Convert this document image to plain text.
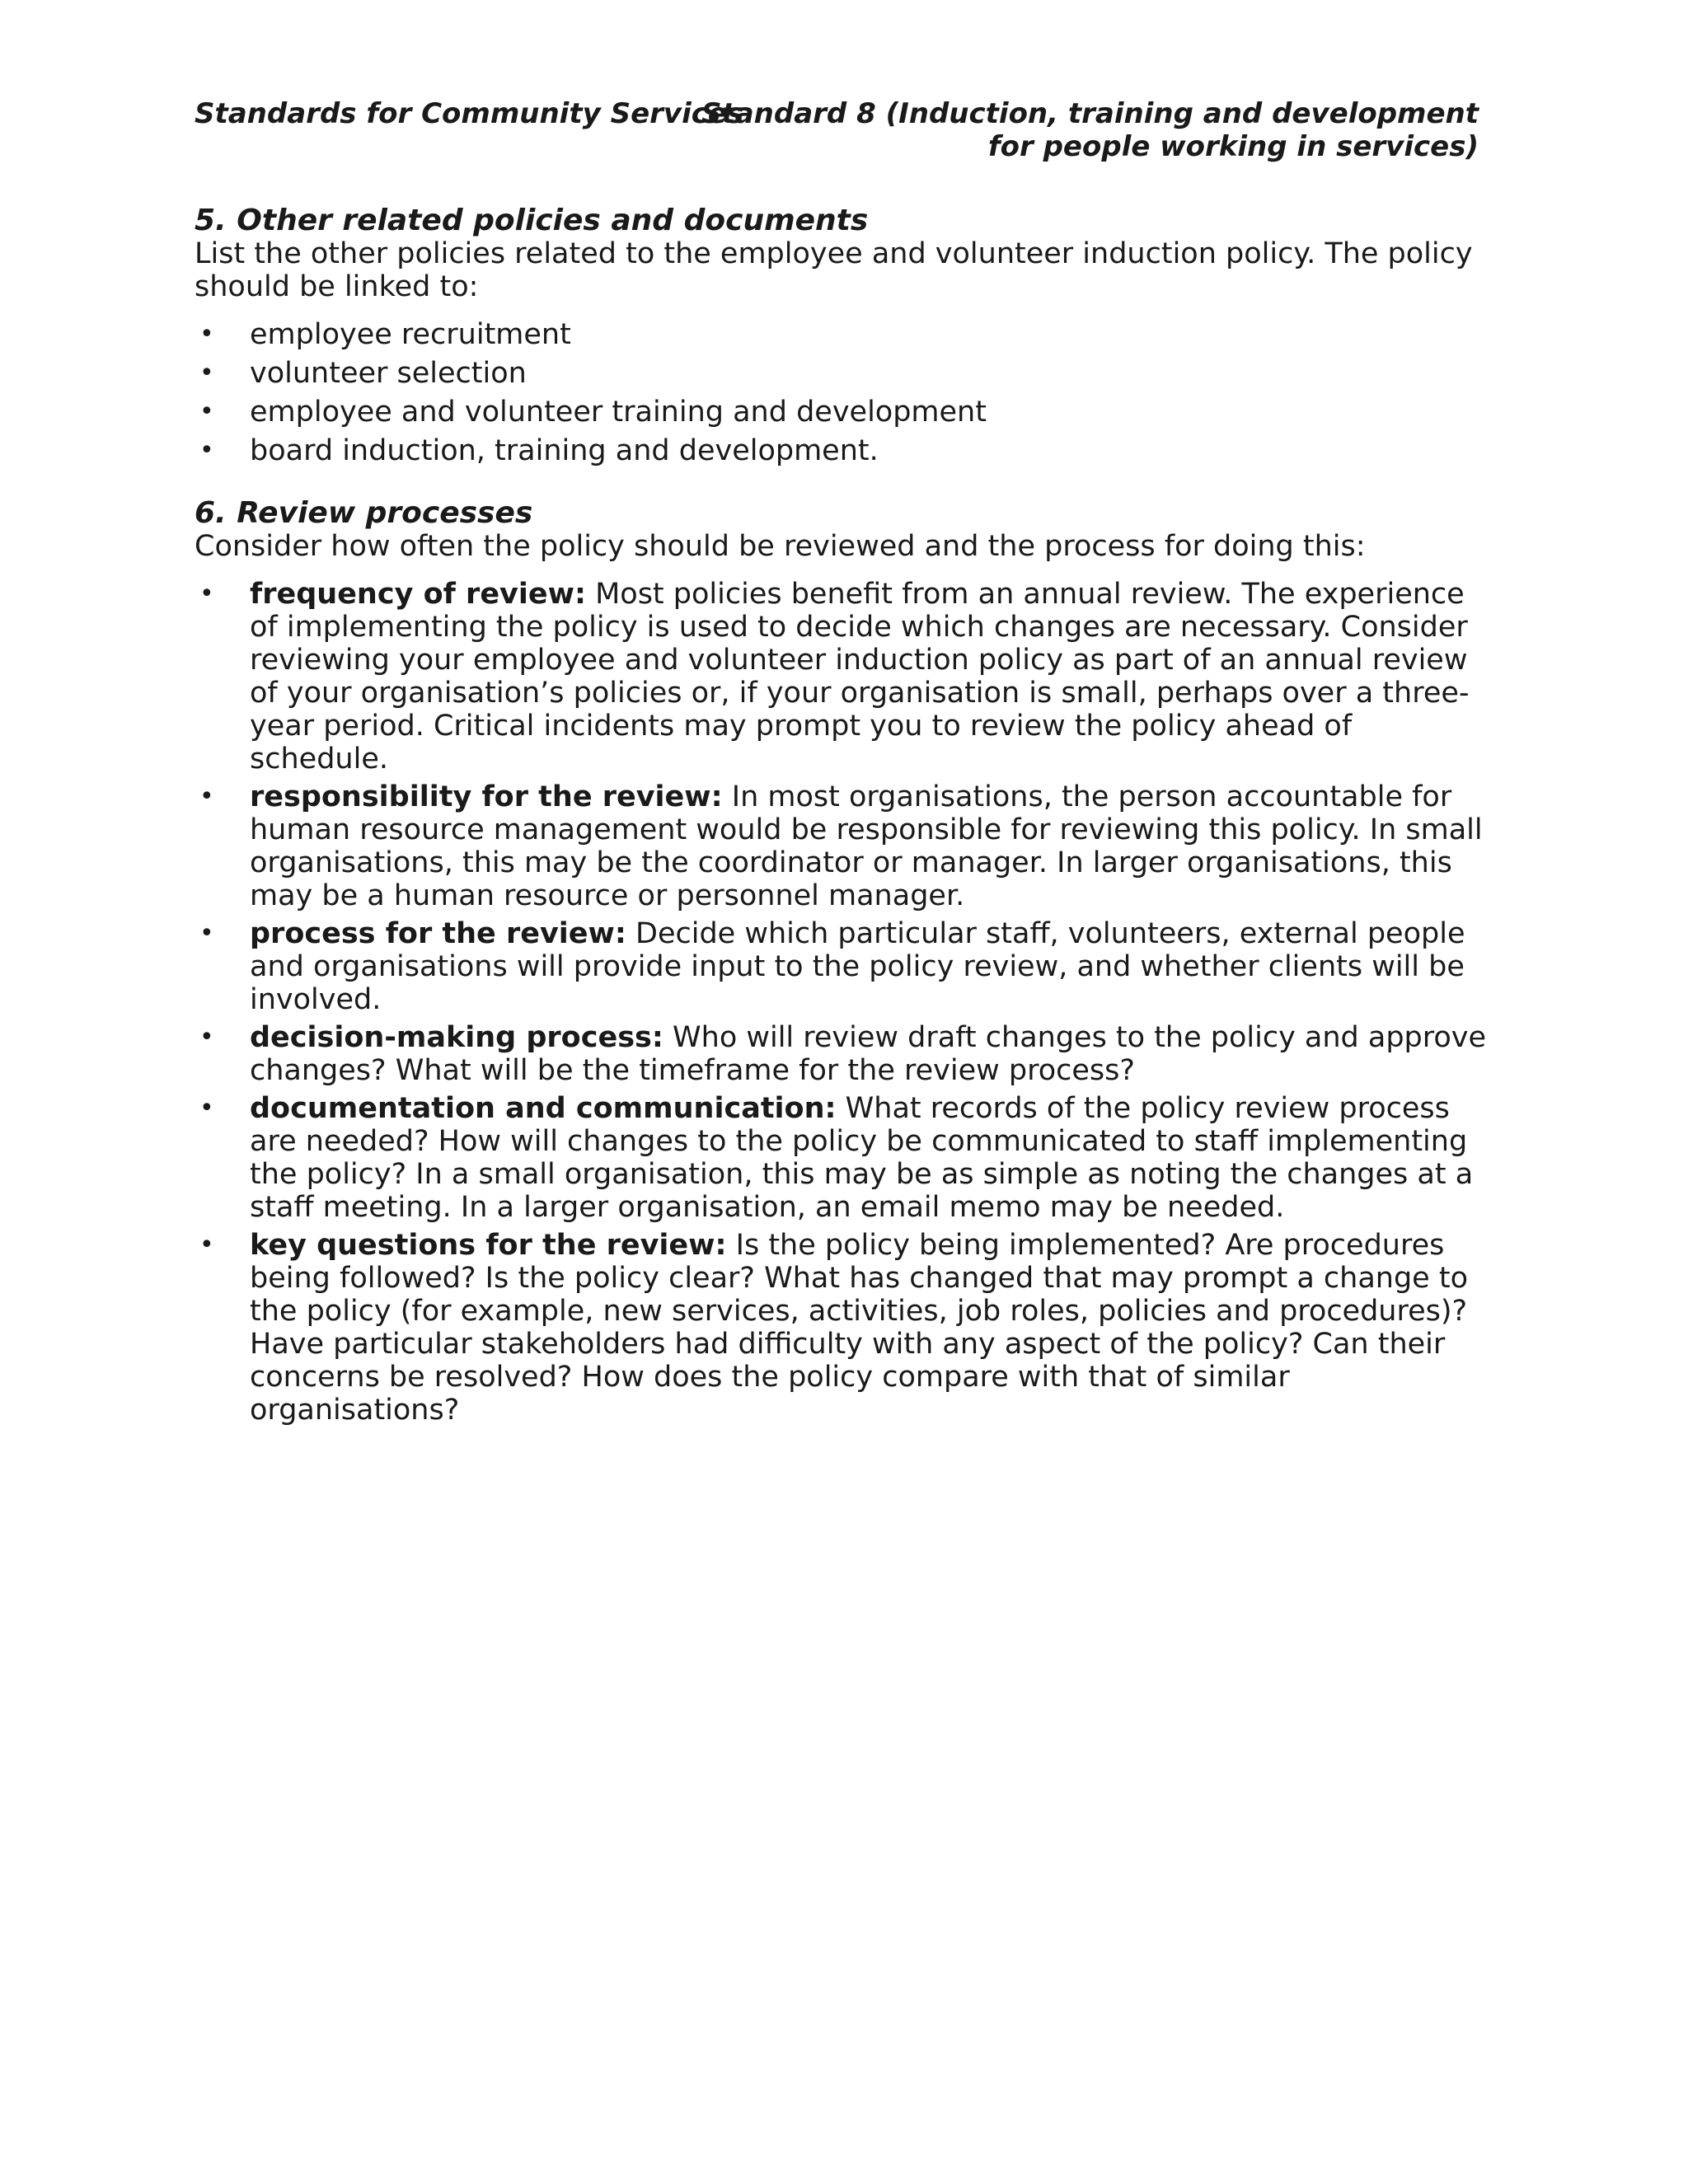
Standards for Community Services
Standard 8 (Induction, training and development
for people working in services)
5. Other related policies and documents

List the other policies related to the employee and volunteer induction policy. The policy should be linked to:

• employee recruitment
• volunteer selection
• employee and volunteer training and development
• board induction, training and development.
6. Review processes

Consider how often the policy should be reviewed and the process for doing this:

• frequency of review: Most policies benefit from an annual review. The experience of implementing the policy is used to decide which changes are necessary. Consider reviewing your employee and volunteer induction policy as part of an annual review of your organisation’s policies or, if your organisation is small, perhaps over a three-year period. Critical incidents may prompt you to review the policy ahead of schedule.
• responsibility for the review: In most organisations, the person accountable for human resource management would be responsible for reviewing this policy. In small organisations, this may be the coordinator or manager. In larger organisations, this may be a human resource or personnel manager.
• process for the review: Decide which particular staff, volunteers, external people and organisations will provide input to the policy review, and whether clients will be involved.
• decision-making process: Who will review draft changes to the policy and approve changes? What will be the timeframe for the review process?
• documentation and communication: What records of the policy review process are needed? How will changes to the policy be communicated to staff implementing the policy? In a small organisation, this may be as simple as noting the changes at a staff meeting. In a larger organisation, an email memo may be needed.
• key questions for the review: Is the policy being implemented? Are procedures being followed? Is the policy clear? What has changed that may prompt a change to the policy (for example, new services, activities, job roles, policies and procedures)? Have particular stakeholders had difficulty with any aspect of the policy? Can their concerns be resolved? How does the policy compare with that of similar organisations?
